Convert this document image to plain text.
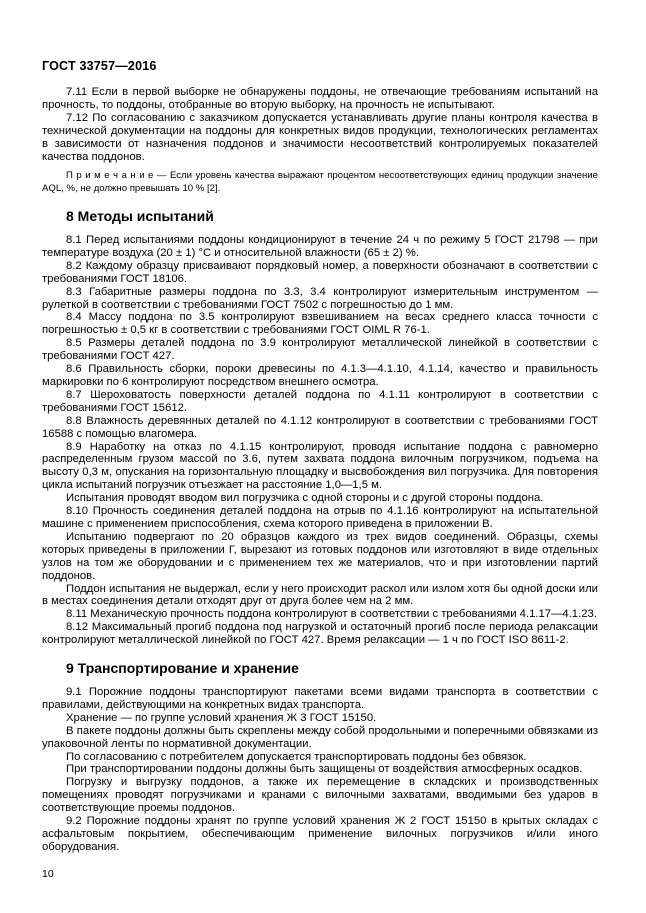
ГОСТ 33757—2016

7.11 Если в первой выборке не обнаружены поддоны, не отвечающие требованиям испытаний на прочность, то поддоны, отобранные во вторую выборку, на прочность не испытывают.

7.12 По согласованию с заказчиком допускается устанавливать другие планы контроля качества в технической документации на поддоны для конкретных видов продукции, технологических регламентах в зависимости от назначения поддонов и значимости несоответствий контролируемых показателей качества поддонов.

П р и м е ч а н и е — Если уровень качества выражают процентом несоответствующих единиц продукции значение AQL, %, не должно превышать 10 % [2].

8 Методы испытаний

8.1 Перед испытаниями поддоны кондиционируют в течение 24 ч по режиму 5 ГОСТ 21798 — при температуре воздуха (20 ± 1) °С и относительной влажности (65 ± 2) %.

8.2 Каждому образцу присваивают порядковый номер, а поверхности обозначают в соответствии с требованиями ГОСТ 18106.

8.3 Габаритные размеры поддона по 3.3, 3.4 контролируют измерительным инструментом — рулеткой в соответствии с требованиями ГОСТ 7502 с погрешностью до 1 мм.

8.4 Массу поддона по 3.5 контролируют взвешиванием на весах среднего класса точности с погрешностью ± 0,5 кг в соответствии с требованиями ГОСТ OIML R 76-1.

8.5 Размеры деталей поддона по 3.9 контролируют металлической линейкой в соответствии с требованиями ГОСТ 427.

8.6 Правильность сборки, пороки древесины по 4.1.3—4.1.10, 4.1.14, качество и правильность маркировки по 6 контролируют посредством внешнего осмотра.

8.7 Шероховатость поверхности деталей поддона по 4.1.11 контролируют в соответствии с требованиями ГОСТ 15612.

8.8 Влажность деревянных деталей по 4.1.12 контролируют в соответствии с требованиями ГОСТ 16588 с помощью влагомера.

8.9 Наработку на отказ по 4.1.15 контролируют, проводя испытание поддона с равномерно распределенным грузом массой по 3.6, путем захвата поддона вилочным погрузчиком, подъема на высоту 0,3 м, опускания на горизонтальную площадку и высвобождения вил погрузчика. Для повторения цикла испытаний погрузчик отъезжает на расстояние 1,0—1,5 м.

Испытания проводят вводом вил погрузчика с одной стороны и с другой стороны поддона.

8.10 Прочность соединения деталей поддона на отрыв по 4.1.16 контролируют на испытательной машине с применением приспособления, схема которого приведена в приложении В.

Испытанию подвергают по 20 образцов каждого из трех видов соединений. Образцы, схемы которых приведены в приложении Г, вырезают из готовых поддонов или изготовляют в виде отдельных узлов на том же оборудовании и с применением тех же материалов, что и при изготовлении партий поддонов.

Поддон испытания не выдержал, если у него происходит раскол или излом хотя бы одной доски или в местах соединения детали отходят друг от друга более чем на 2 мм.

8.11 Механическую прочность поддона контролируют в соответствии с требованиями 4.1.17—4.1.23.

8.12 Максимальный прогиб поддона под нагрузкой и остаточный прогиб после периода релаксации контролируют металлической линейкой по ГОСТ 427. Время релаксации — 1 ч по ГОСТ ISO 8611-2.

9 Транспортирование и хранение

9.1 Порожние поддоны транспортируют пакетами всеми видами транспорта в соответствии с правилами, действующими на конкретных видах транспорта.

Хранение — по группе условий хранения Ж 3 ГОСТ 15150.

В пакете поддоны должны быть скреплены между собой продольными и поперечными обвязками из упаковочной ленты по нормативной документации.

По согласованию с потребителем допускается транспортировать поддоны без обвязок.

При транспортировании поддоны должны быть защищены от воздействия атмосферных осадков.

Погрузку и выгрузку поддонов, а также их перемещение в складских и производственных помещениях проводят погрузчиками и кранами с вилочными захватами, вводимыми без ударов в соответствующие проемы поддонов.

9.2 Порожние поддоны хранят по группе условий хранения Ж 2 ГОСТ 15150 в крытых складах с асфальтовым покрытием, обеспечивающим применение вилочных погрузчиков и/или иного оборудования.

10
